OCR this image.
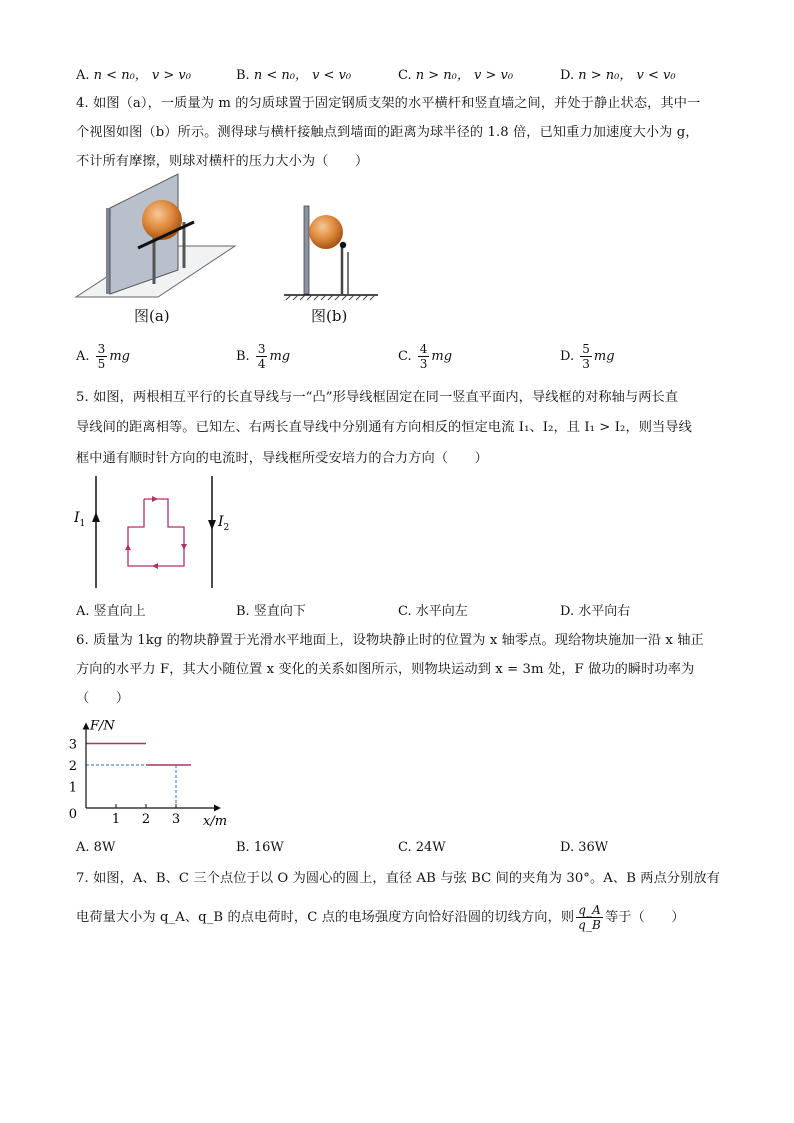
A. n < n₀， v > v₀	B. n < n₀， v < v₀	C. n > n₀， v > v₀	D. n > n₀， v < v₀
4. 如图（a），一质量为 m 的匀质球置于固定钢质支架的水平横杆和竖直墙之间，并处于静止状态，其中一
个视图如图（b）所示。测得球与横杆接触点到墙面的距离为球半径的 1.8 倍，已知重力加速度大小为 g，
不计所有摩擦，则球对横杆的压力大小为（　　）
图(a)	图(b)
A. $\frac{3}{5}$ mg	B. $\frac{3}{4}$ mg	C. $\frac{4}{3}$ mg	D. $\frac{5}{3}$ mg
5. 如图，两根相互平行的长直导线与一“凸”形导线框固定在同一竖直平面内，导线框的对称轴与两长直
导线间的距离相等。已知左、右两长直导线中分别通有方向相反的恒定电流 I₁、I₂，且 I₁ > I₂，则当导线
框中通有顺时针方向的电流时，导线框所受安培力的合力方向（　　）
$I_1$	$I_2$
A. 竖直向上	B. 竖直向下	C. 水平向左	D. 水平向右
6. 质量为 1kg 的物块静置于光滑水平地面上，设物块静止时的位置为 x 轴零点。现给物块施加一沿 x 轴正
方向的水平力 F，其大小随位置 x 变化的关系如图所示，则物块运动到 x = 3m 处，F 做功的瞬时功率为
（　　）
1 2 3
3
2
1
0
F/N
x/m
A. 8W	B. 16W	C. 24W	D. 36W
7. 如图，A、B、C 三个点位于以 O 为圆心的圆上，直径 AB 与弦 BC 间的夹角为 30°。A、B 两点分别放有
电荷量大小为 q_A、q_B 的点电荷时，C 点的电场强度方向恰好沿圆的切线方向，则 $\frac{q\_A}{q\_B}$ 等于（　　）
